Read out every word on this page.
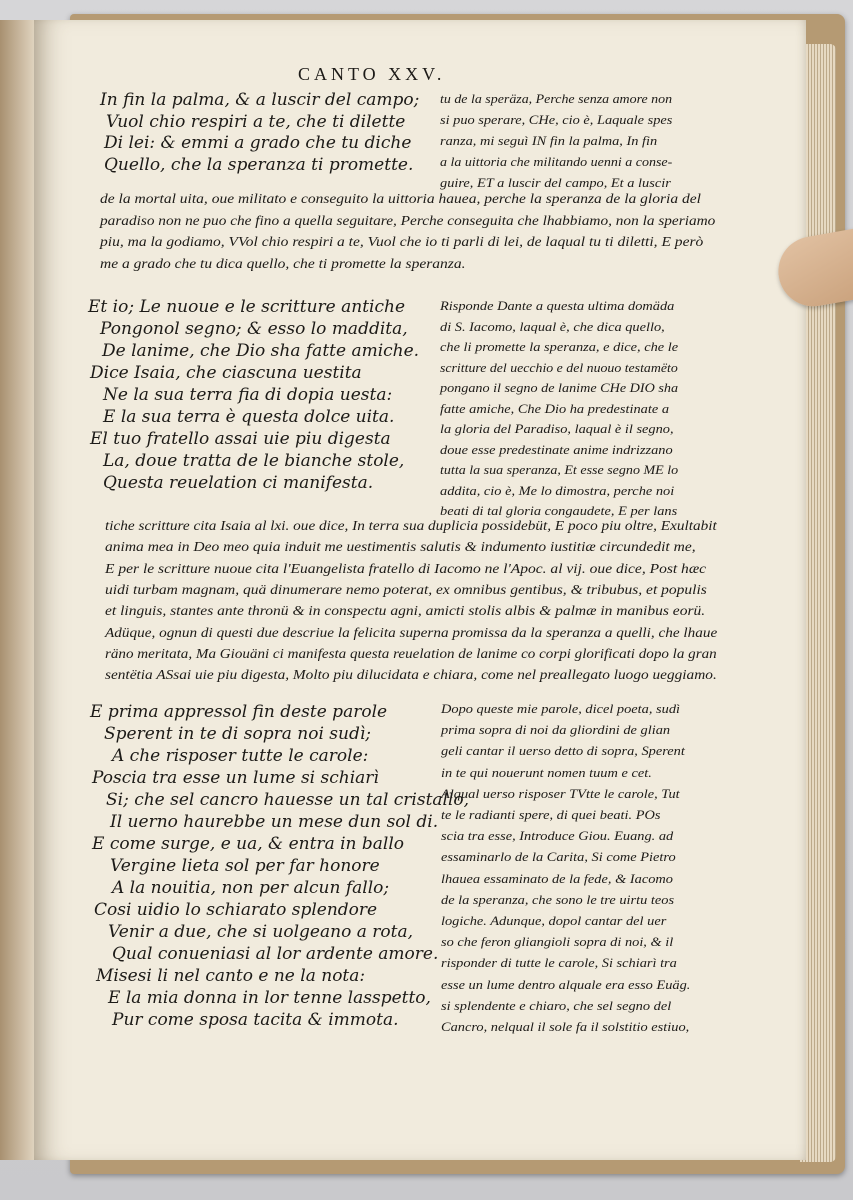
CANTO XXV.
In fin la palma, & a luscir del campo;
Vuol chio respiri a te, che ti dilette
Di lei: & emmi a grado che tu diche
Quello, che la speranza ti promette.
tu de la speräza, Perche senza amore non
si puo sperare, CHe, cio è, Laquale spes
ranza, mi seguì IN fin la palma, In fin
a la uittoria che militando uenni a conse-
guire, ET a luscir del campo, Et a luscir
de la mortal uita, oue militato e conseguito la uittoria hauea, perche la speranza de la gloria del
paradiso non ne puo che fino a quella seguitare, Perche conseguita che lhabbiamo, non la speriamo
piu, ma la godiamo, VVol chio respiri a te, Vuol che io ti parli di lei, de laqual tu ti diletti, E però
me a grado che tu dica quello, che ti promette la speranza.
Et io; Le nuoue e le scritture antiche
Pongonol segno; & esso lo maddita,
De lanime, che Dio sha fatte amiche.
Dice Isaia, che ciascuna uestita
Ne la sua terra fia di dopia uesta:
E la sua terra è questa dolce uita.
El tuo fratello assai uie piu digesta
La, doue tratta de le bianche stole,
Questa reuelation ci manifesta.
Risponde Dante a questa ultima domäda
di S. Iacomo, laqual è, che dica quello,
che li promette la speranza, e dice, che le
scritture del uecchio e del nuouo testamëto
pongano il segno de lanime CHe DIO sha
fatte amiche, Che Dio ha predestinate a
la gloria del Paradiso, laqual è il segno,
doue esse predestinate anime indrizzano
tutta la sua speranza, Et esse segno ME lo
addita, cio è, Me lo dimostra, perche noi
beati di tal gloria congaudete, E per lans
tiche scritture cita Isaia al lxi. oue dice, In terra sua duplicia possidebüt, E poco piu oltre, Exultabit
anima mea in Deo meo quia induit me uestimentis salutis & indumento iustitiæ circundedit me,
E per le scritture nuoue cita l'Euangelista fratello di Iacomo ne l'Apoc. al vij. oue dice, Post hæc
uidi turbam magnam, quä dinumerare nemo poterat, ex omnibus gentibus, & tribubus, et populis
et linguis, stantes ante thronü & in conspectu agni, amicti stolis albis & palmæ in manibus eorü.
Adüque, ognun di questi due descriue la felicita superna promissa da la speranza a quelli, che lhaue
räno meritata, Ma Giouäni ci manifesta questa reuelation de lanime co corpi glorificati dopo la gran
sentëtia ASsai uie piu digesta, Molto piu dilucidata e chiara, come nel preallegato luogo ueggiamo.
E prima appressol fin deste parole
Sperent in te di sopra noi sudì;
A che risposer tutte le carole:
Poscia tra esse un lume si schiarì
Si; che sel cancro hauesse un tal cristallo,
Il uerno haurebbe un mese dun sol di.
E come surge, e ua, & entra in ballo
Vergine lieta sol per far honore
A la nouitia, non per alcun fallo;
Cosi uidio lo schiarato splendore
Venir a due, che si uolgeano a rota,
Qual conueniasi al lor ardente amore.
Misesi li nel canto e ne la nota:
E la mia donna in lor tenne lasspetto,
Pur come sposa tacita & immota.
Dopo queste mie parole, dicel poeta, sudì
prima sopra di noi da gliordini de glian
geli cantar il uerso detto di sopra, Sperent
in te qui nouerunt nomen tuum e cet.
Alqual uerso risposer TVtte le carole, Tut
te le radianti spere, di quei beati. POs
scia tra esse, Introduce Giou. Euang. ad
essaminarlo de la Carita, Si come Pietro
lhauea essaminato de la fede, & Iacomo
de la speranza, che sono le tre uirtu teos
logiche. Adunque, dopol cantar del uer
so che feron gliangioli sopra di noi, & il
risponder di tutte le carole, Si schiarì tra
esse un lume dentro alquale era esso Euäg.
si splendente e chiaro, che sel segno del
Cancro, nelqual il sole fa il solstitio estiuo,
